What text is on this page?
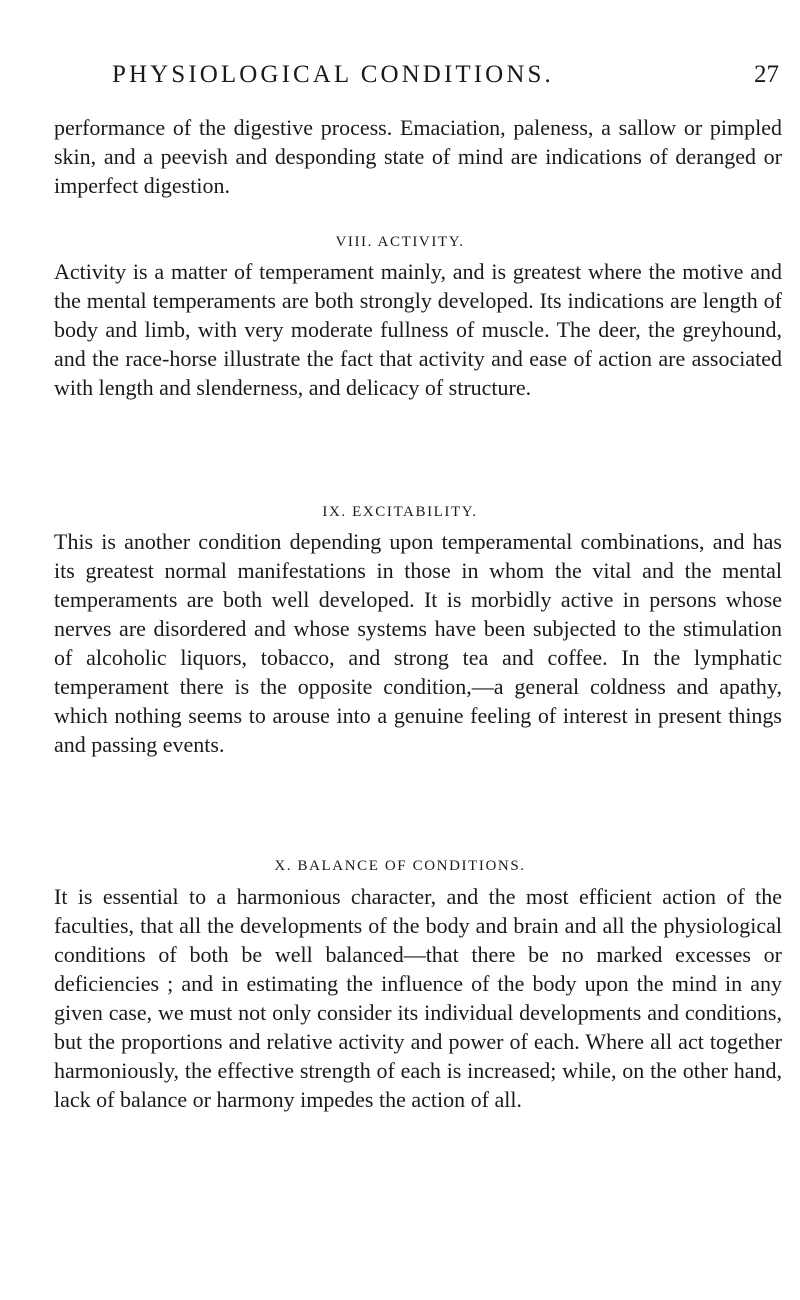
PHYSIOLOGICAL CONDITIONS.	27

performance of the digestive process. Emaciation, paleness, a sallow or pimpled skin, and a peevish and desponding state of mind are indications of deranged or imperfect digestion.

VIII. ACTIVITY.

Activity is a matter of temperament mainly, and is greatest where the motive and the mental temperaments are both strongly developed. Its indications are length of body and limb, with very moderate fullness of muscle. The deer, the greyhound, and the race-horse illustrate the fact that activity and ease of action are associated with length and slenderness, and delicacy of structure.

IX. EXCITABILITY.

This is another condition depending upon temperamental combinations, and has its greatest normal manifestations in those in whom the vital and the mental temperaments are both well developed. It is morbidly active in persons whose nerves are disordered and whose systems have been subjected to the stimulation of alcoholic liquors, tobacco, and strong tea and coffee. In the lymphatic temperament there is the opposite condition,—a general coldness and apathy, which nothing seems to arouse into a genuine feeling of interest in present things and passing events.

X. BALANCE OF CONDITIONS.

It is essential to a harmonious character, and the most efficient action of the faculties, that all the developments of the body and brain and all the physiological conditions of both be well balanced—that there be no marked excesses or deficiencies ; and in estimating the influence of the body upon the mind in any given case, we must not only consider its individual developments and conditions, but the proportions and relative activity and power of each. Where all act together harmoniously, the effective strength of each is increased; while, on the other hand, lack of balance or harmony impedes the action of all.
